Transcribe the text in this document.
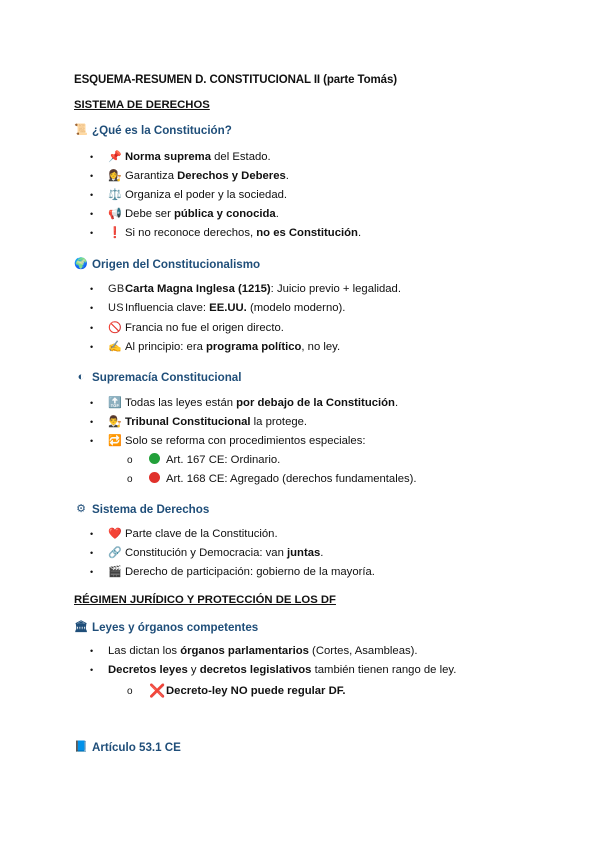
ESQUEMA-RESUMEN D. CONSTITUCIONAL II (parte Tomás)
SISTEMA DE DERECHOS
📜 ¿Qué es la Constitución?
•	📌 Norma suprema del Estado.
•	👩‍⚖️ Garantiza Derechos y Deberes .
•	⚖️ Organiza el poder y la sociedad.
•	📢 Debe ser pública y conocida .
•	❗ Si no reconoce derechos, no es Constitución .
🌍 Origen del Constitucionalismo
•	GB Carta Magna Inglesa (1215) : Juicio previo + legalidad.
•	US Influencia clave: EE.UU. (modelo moderno).
•	🚫 Francia no fue el origen directo.
•	✍️ Al principio: era programa político , no ley.
◐ Supremacía Constitucional
•	🔝 Todas las leyes están por debajo de la Constitución .
•	👨‍⚖️ Tribunal Constitucional la protege.
•	🔁 Solo se reforma con procedimientos especiales:
o	Art. 167 CE: Ordinario.
o	Art. 168 CE: Agregado (derechos fundamentales).
⚙ Sistema de Derechos
•	❤️ Parte clave de la Constitución.
•	🔗 Constitución y Democracia: van juntas .
•	🎬 Derecho de participación: gobierno de la mayoría.
RÉGIMEN JURÍDICO Y PROTECCIÓN DE LOS DF
🏛 Leyes y órganos competentes
•	Las dictan los órganos parlamentarios (Cortes, Asambleas).
•	Decretos leyes y decretos legislativos también tienen rango de ley.
o	❌ Decreto-ley NO puede regular DF.
📘 Artículo 53.1 CE
